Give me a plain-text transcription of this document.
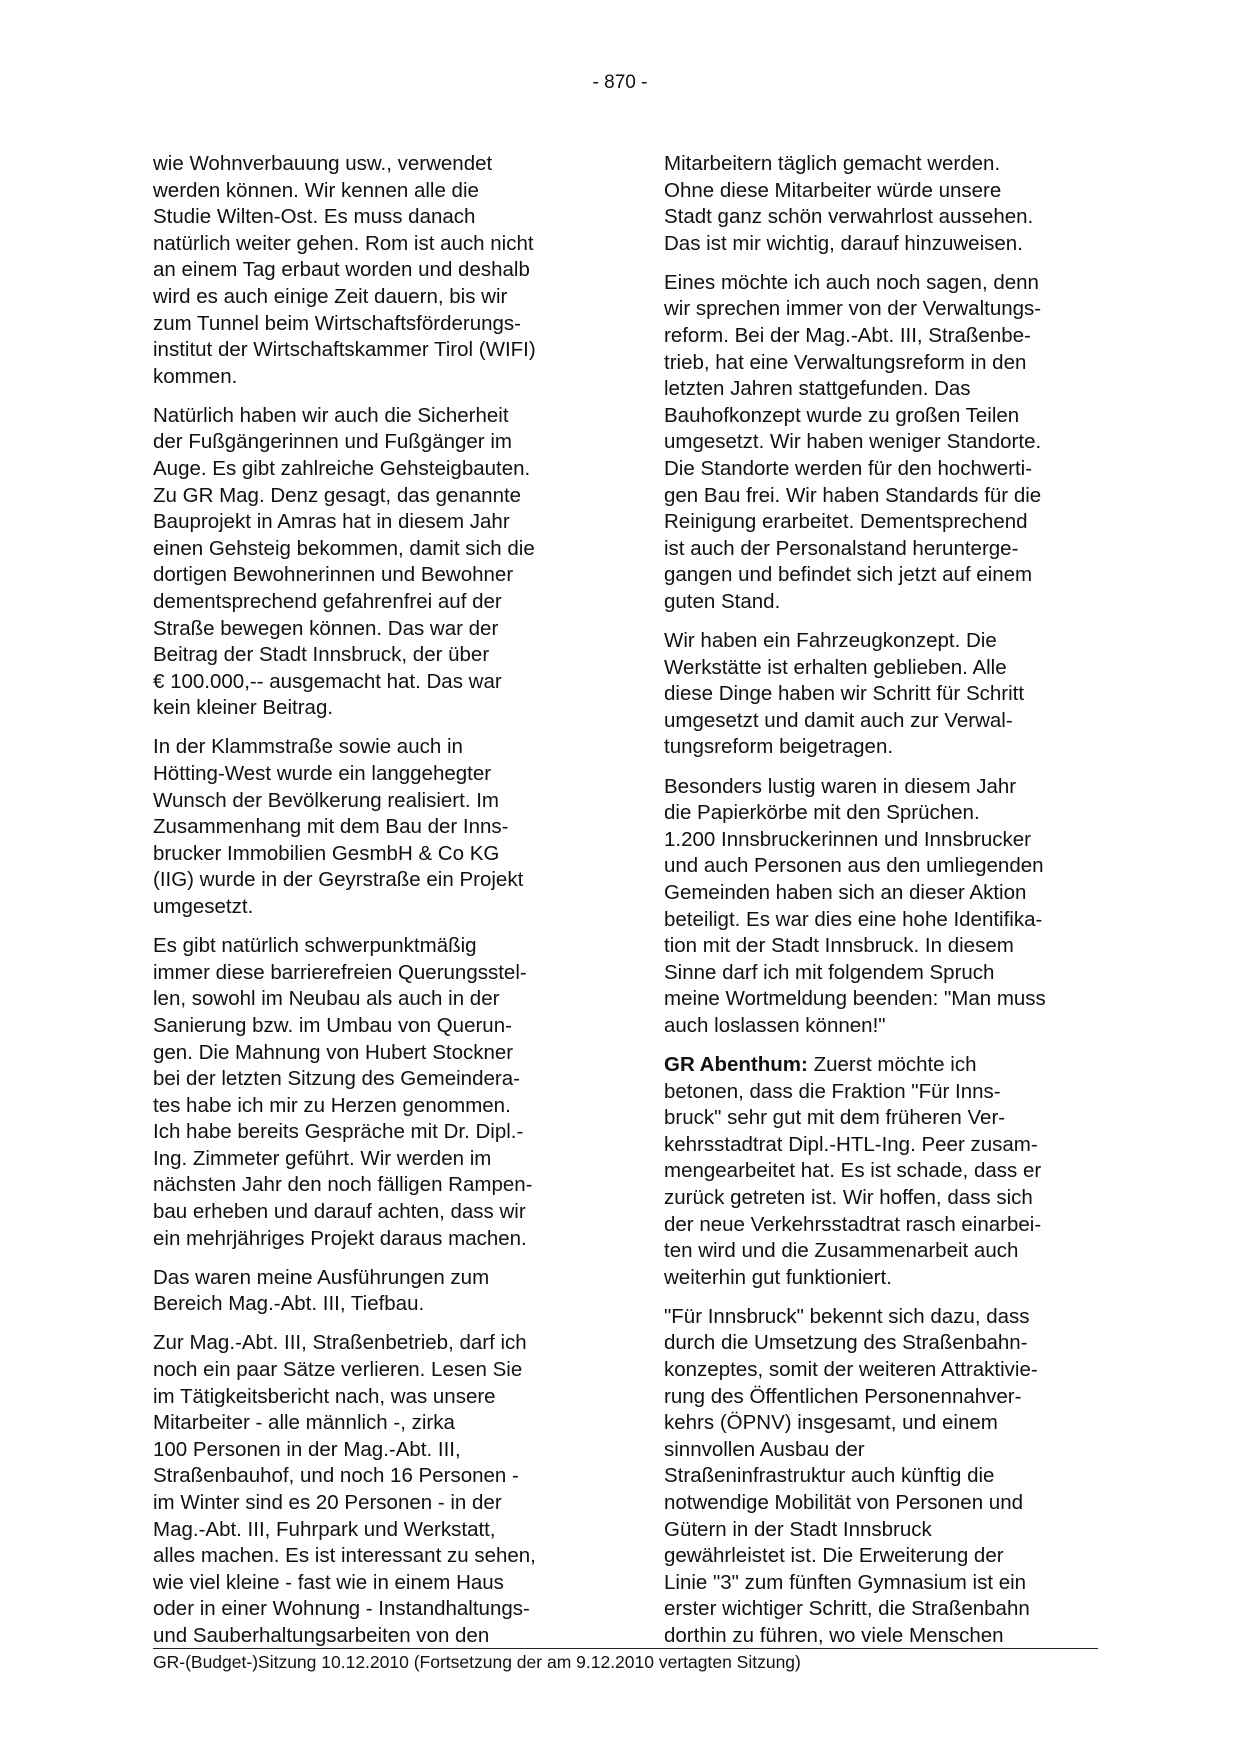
- 870 -

wie Wohnverbauung usw., verwendet
werden können. Wir kennen alle die
Studie Wilten-Ost. Es muss danach
natürlich weiter gehen. Rom ist auch nicht
an einem Tag erbaut worden und deshalb
wird es auch einige Zeit dauern, bis wir
zum Tunnel beim Wirtschaftsförderungs-
institut der Wirtschaftskammer Tirol (WIFI)
kommen.

Natürlich haben wir auch die Sicherheit
der Fußgängerinnen und Fußgänger im
Auge. Es gibt zahlreiche Gehsteigbauten.
Zu GR Mag. Denz gesagt, das genannte
Bauprojekt in Amras hat in diesem Jahr
einen Gehsteig bekommen, damit sich die
dortigen Bewohnerinnen und Bewohner
dementsprechend gefahrenfrei auf der
Straße bewegen können. Das war der
Beitrag der Stadt Innsbruck, der über
€ 100.000,-- ausgemacht hat. Das war
kein kleiner Beitrag.

In der Klammstraße sowie auch in
Hötting-West wurde ein langgehegter
Wunsch der Bevölkerung realisiert. Im
Zusammenhang mit dem Bau der Inns-
brucker Immobilien GesmbH & Co KG
(IIG) wurde in der Geyrstraße ein Projekt
umgesetzt.

Es gibt natürlich schwerpunktmäßig
immer diese barrierefreien Querungsstel-
len, sowohl im Neubau als auch in der
Sanierung bzw. im Umbau von Querun-
gen. Die Mahnung von Hubert Stockner
bei der letzten Sitzung des Gemeindera-
tes habe ich mir zu Herzen genommen.
Ich habe bereits Gespräche mit Dr. Dipl.-
Ing. Zimmeter geführt. Wir werden im
nächsten Jahr den noch fälligen Rampen-
bau erheben und darauf achten, dass wir
ein mehrjähriges Projekt daraus machen.

Das waren meine Ausführungen zum
Bereich Mag.-Abt. III, Tiefbau.

Zur Mag.-Abt. III, Straßenbetrieb, darf ich
noch ein paar Sätze verlieren. Lesen Sie
im Tätigkeitsbericht nach, was unsere
Mitarbeiter - alle männlich -, zirka
100 Personen in der Mag.-Abt. III,
Straßenbauhof, und noch 16 Personen -
im Winter sind es 20 Personen - in der
Mag.-Abt. III, Fuhrpark und Werkstatt,
alles machen. Es ist interessant zu sehen,
wie viel kleine - fast wie in einem Haus
oder in einer Wohnung - Instandhaltungs-
und Sauberhaltungsarbeiten von den

Mitarbeitern täglich gemacht werden.
Ohne diese Mitarbeiter würde unsere
Stadt ganz schön verwahrlost aussehen.
Das ist mir wichtig, darauf hinzuweisen.

Eines möchte ich auch noch sagen, denn
wir sprechen immer von der Verwaltungs-
reform. Bei der Mag.-Abt. III, Straßenbe-
trieb, hat eine Verwaltungsreform in den
letzten Jahren stattgefunden. Das
Bauhofkonzept wurde zu großen Teilen
umgesetzt. Wir haben weniger Standorte.
Die Standorte werden für den hochwerti-
gen Bau frei. Wir haben Standards für die
Reinigung erarbeitet. Dementsprechend
ist auch der Personalstand herunterge-
gangen und befindet sich jetzt auf einem
guten Stand.

Wir haben ein Fahrzeugkonzept. Die
Werkstätte ist erhalten geblieben. Alle
diese Dinge haben wir Schritt für Schritt
umgesetzt und damit auch zur Verwal-
tungsreform beigetragen.

Besonders lustig waren in diesem Jahr
die Papierkörbe mit den Sprüchen.
1.200 Innsbruckerinnen und Innsbrucker
und auch Personen aus den umliegenden
Gemeinden haben sich an dieser Aktion
beteiligt. Es war dies eine hohe Identifika-
tion mit der Stadt Innsbruck. In diesem
Sinne darf ich mit folgendem Spruch
meine Wortmeldung beenden: "Man muss
auch loslassen können!"

GR Abenthum: Zuerst möchte ich
betonen, dass die Fraktion "Für Inns-
bruck" sehr gut mit dem früheren Ver-
kehrsstadtrat Dipl.-HTL-Ing. Peer zusam-
mengearbeitet hat. Es ist schade, dass er
zurück getreten ist. Wir hoffen, dass sich
der neue Verkehrsstadtrat rasch einarbei-
ten wird und die Zusammenarbeit auch
weiterhin gut funktioniert.

"Für Innsbruck" bekennt sich dazu, dass
durch die Umsetzung des Straßenbahn-
konzeptes, somit der weiteren Attraktivie-
rung des Öffentlichen Personennahver-
kehrs (ÖPNV) insgesamt, und einem
sinnvollen Ausbau der
Straßeninfrastruktur auch künftig die
notwendige Mobilität von Personen und
Gütern in der Stadt Innsbruck
gewährleistet ist. Die Erweiterung der
Linie "3" zum fünften Gymnasium ist ein
erster wichtiger Schritt, die Straßenbahn
dorthin zu führen, wo viele Menschen

GR-(Budget-)Sitzung 10.12.2010 (Fortsetzung der am 9.12.2010 vertagten Sitzung)
